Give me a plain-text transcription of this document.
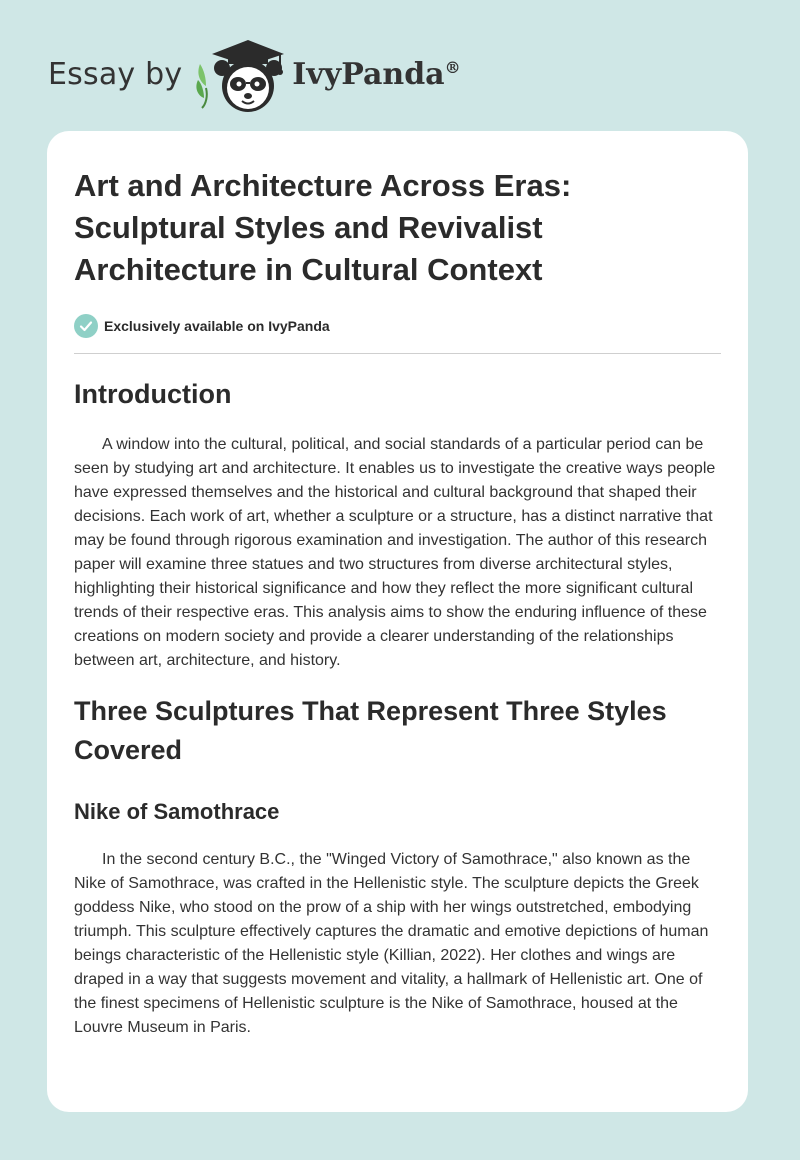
Essay by	IvyPanda®
Art and Architecture Across Eras: Sculptural Styles and Revivalist Architecture in Cultural Context
Exclusively available on IvyPanda
Introduction

A window into the cultural, political, and social standards of a particular period can be seen by studying art and architecture. It enables us to investigate the creative ways people have expressed themselves and the historical and cultural background that shaped their decisions. Each work of art, whether a sculpture or a structure, has a distinct narrative that may be found through rigorous examination and investigation. The author of this research paper will examine three statues and two structures from diverse architectural styles, highlighting their historical significance and how they reflect the more significant cultural trends of their respective eras. This analysis aims to show the enduring influence of these creations on modern society and provide a clearer understanding of the relationships between art, architecture, and history.

Three Sculptures That Represent Three Styles Covered
Nike of Samothrace

In the second century B.C., the "Winged Victory of Samothrace," also known as the Nike of Samothrace, was crafted in the Hellenistic style. The sculpture depicts the Greek goddess Nike, who stood on the prow of a ship with her wings outstretched, embodying triumph. This sculpture effectively captures the dramatic and emotive depictions of human beings characteristic of the Hellenistic style (Killian, 2022). Her clothes and wings are draped in a way that suggests movement and vitality, a hallmark of Hellenistic art. One of the finest specimens of Hellenistic sculpture is the Nike of Samothrace, housed at the Louvre Museum in Paris.
